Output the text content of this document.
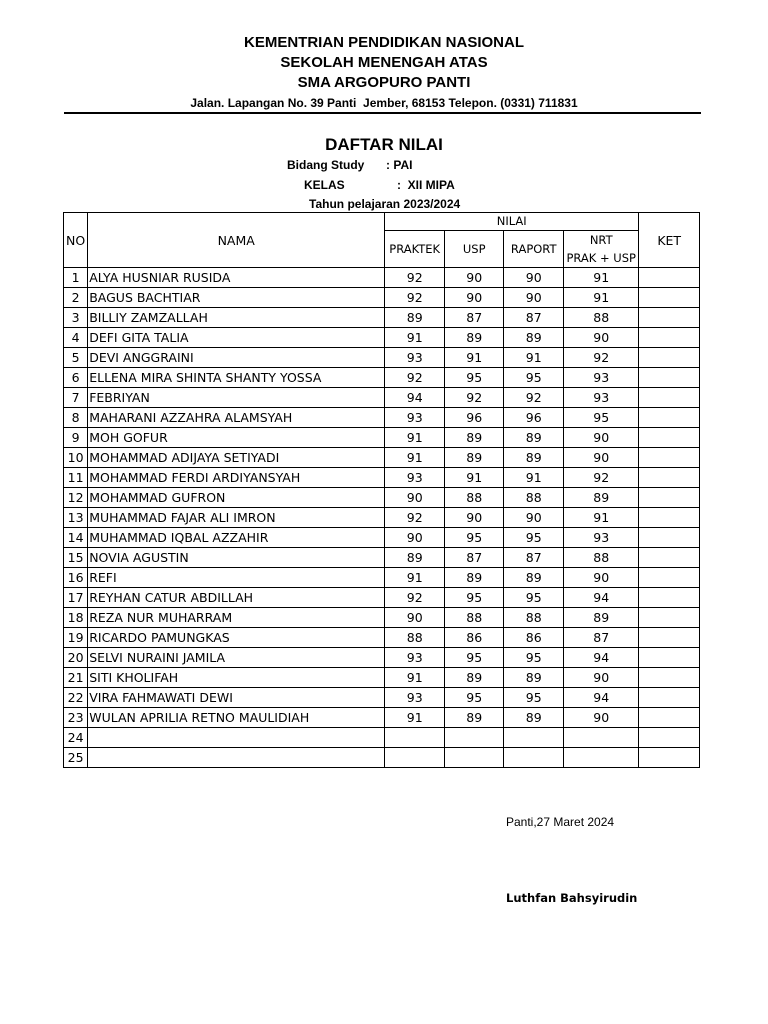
KEMENTRIAN PENDIDIKAN NASIONAL
SEKOLAH MENENGAH ATAS
SMA ARGOPURO PANTI
Jalan. Lapangan No. 39 Panti  Jember, 68153 Telepon. (0331) 711831
DAFTAR NILAI
Bidang Study : PAI
KELAS	:  XII MIPA
Tahun pelajaran 2023/2024
NO	NAMA	NILAI				KET
		PRAKTEK	USP	RAPORT	NRT	
					PRAK + USP	
1	ALYA HUSNIAR RUSIDA	92	90	90	91	
2	BAGUS BACHTIAR	92	90	90	91	
3	BILLIY ZAMZALLAH	89	87	87	88	
4	DEFI GITA TALIA	91	89	89	90	
5	DEVI ANGGRAINI	93	91	91	92	
6	ELLENA MIRA SHINTA SHANTY YOSSA	92	95	95	93	
7	FEBRIYAN	94	92	92	93	
8	MAHARANI AZZAHRA ALAMSYAH	93	96	96	95	
9	MOH GOFUR	91	89	89	90	
10	MOHAMMAD ADIJAYA SETIYADI	91	89	89	90	
11	MOHAMMAD FERDI ARDIYANSYAH	93	91	91	92	
12	MOHAMMAD GUFRON	90	88	88	89	
13	MUHAMMAD FAJAR ALI IMRON	92	90	90	91	
14	MUHAMMAD IQBAL AZZAHIR	90	95	95	93	
15	NOVIA AGUSTIN	89	87	87	88	
16	REFI	91	89	89	90	
17	REYHAN CATUR ABDILLAH	92	95	95	94	
18	REZA NUR MUHARRAM	90	88	88	89	
19	RICARDO PAMUNGKAS	88	86	86	87	
20	SELVI NURAINI JAMILA	93	95	95	94	
21	SITI KHOLIFAH	91	89	89	90	
22	VIRA FAHMAWATI DEWI	93	95	95	94	
23	WULAN APRILIA RETNO MAULIDIAH	91	89	89	90	
24						
25						
Panti,27 Maret 2024
Luthfan Bahsyirudin
